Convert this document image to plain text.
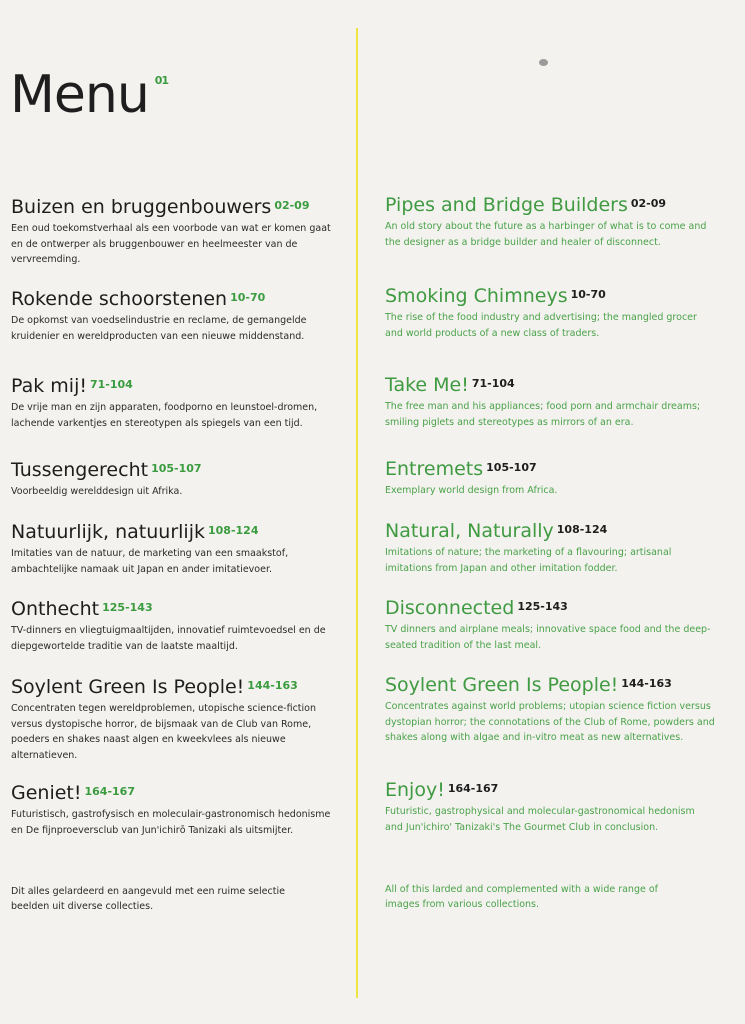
Menu $^{01}$
Buizen en bruggenbouwers $^{02-09}$

Een oud toekomstverhaal als een voorbode van wat er komen gaat en de ontwerper als bruggenbouwer en heelmeester van de vervreemding.

Rokende schoorstenen $^{10-70}$

De opkomst van voedselindustrie en reclame, de gemangelde kruidenier en wereldproducten van een nieuwe middenstand.

Pak mij! $^{71-104}$

De vrije man en zijn apparaten, foodporno en leunstoel-dromen, lachende varkentjes en stereotypen als spiegels van een tijd.

Tussengerecht $^{105-107}$

Voorbeeldig wereldde​sign uit Afrika.

Natuurlijk, natuurlijk $^{108-124}$

Imitaties van de natuur, de marketing van een smaakstof, ambachtelijke namaak uit Japan en ander imitatievoer.

Onthecht $^{125-143}$

TV-dinners en vliegtuigmaaltijden, innovatief ruimtevoedsel en de diepgewortelde traditie van de laatste maaltijd.

Soylent Green Is People! $^{144-163}$

Concentraten tegen wereldproblemen, utopische science-fiction versus dystopische horror, de bijsmaak van de Club van Rome, poeders en shakes naast algen en kweekvlees als nieuwe alternatieven.

Geniet! $^{164-167}$

Futuristisch, gastrofysisch en moleculair-gastronomisch hedonisme en De fijnproeversclub van Jun'ichirō Tanizaki als uitsmijter.

Dit alles gelardeerd en aangevuld met een ruime selectie beelden uit diverse collecties.

Pipes and Bridge Builders $^{02-09}$

An old story about the future as a harbinger of what is to come and the designer as a bridge builder and healer of disconnect.

Smoking Chimneys $^{10-70}$

The rise of the food industry and advertising; the mangled grocer and world products of a new class of traders.

Take Me! $^{71-104}$

The free man and his appliances; food porn and armchair dreams; smiling piglets and stereotypes as mirrors of an era.

Entremets $^{105-107}$

Exemplary world design from Africa.

Natural, Naturally $^{108-124}$

Imitations of nature; the marketing of a flavouring; artisanal imitations from Japan and other imitation fodder.

Disconnected $^{125-143}$

TV dinners and airplane meals; innovative space food and the deep-seated tradition of the last meal.

Soylent Green Is People! $^{144-163}$

Concentrates against world problems; utopian science fiction versus dystopian horror; the connotations of the Club of Rome, powders and shakes along with algae and in-vitro meat as new alternatives.

Enjoy! $^{164-167}$

Futuristic, gastrophysical and molecular-gastronomical hedonism and Jun'ichiro' Tanizaki's The Gourmet Club in conclusion.

All of this larded and complemented with a wide range of images from various collections.
